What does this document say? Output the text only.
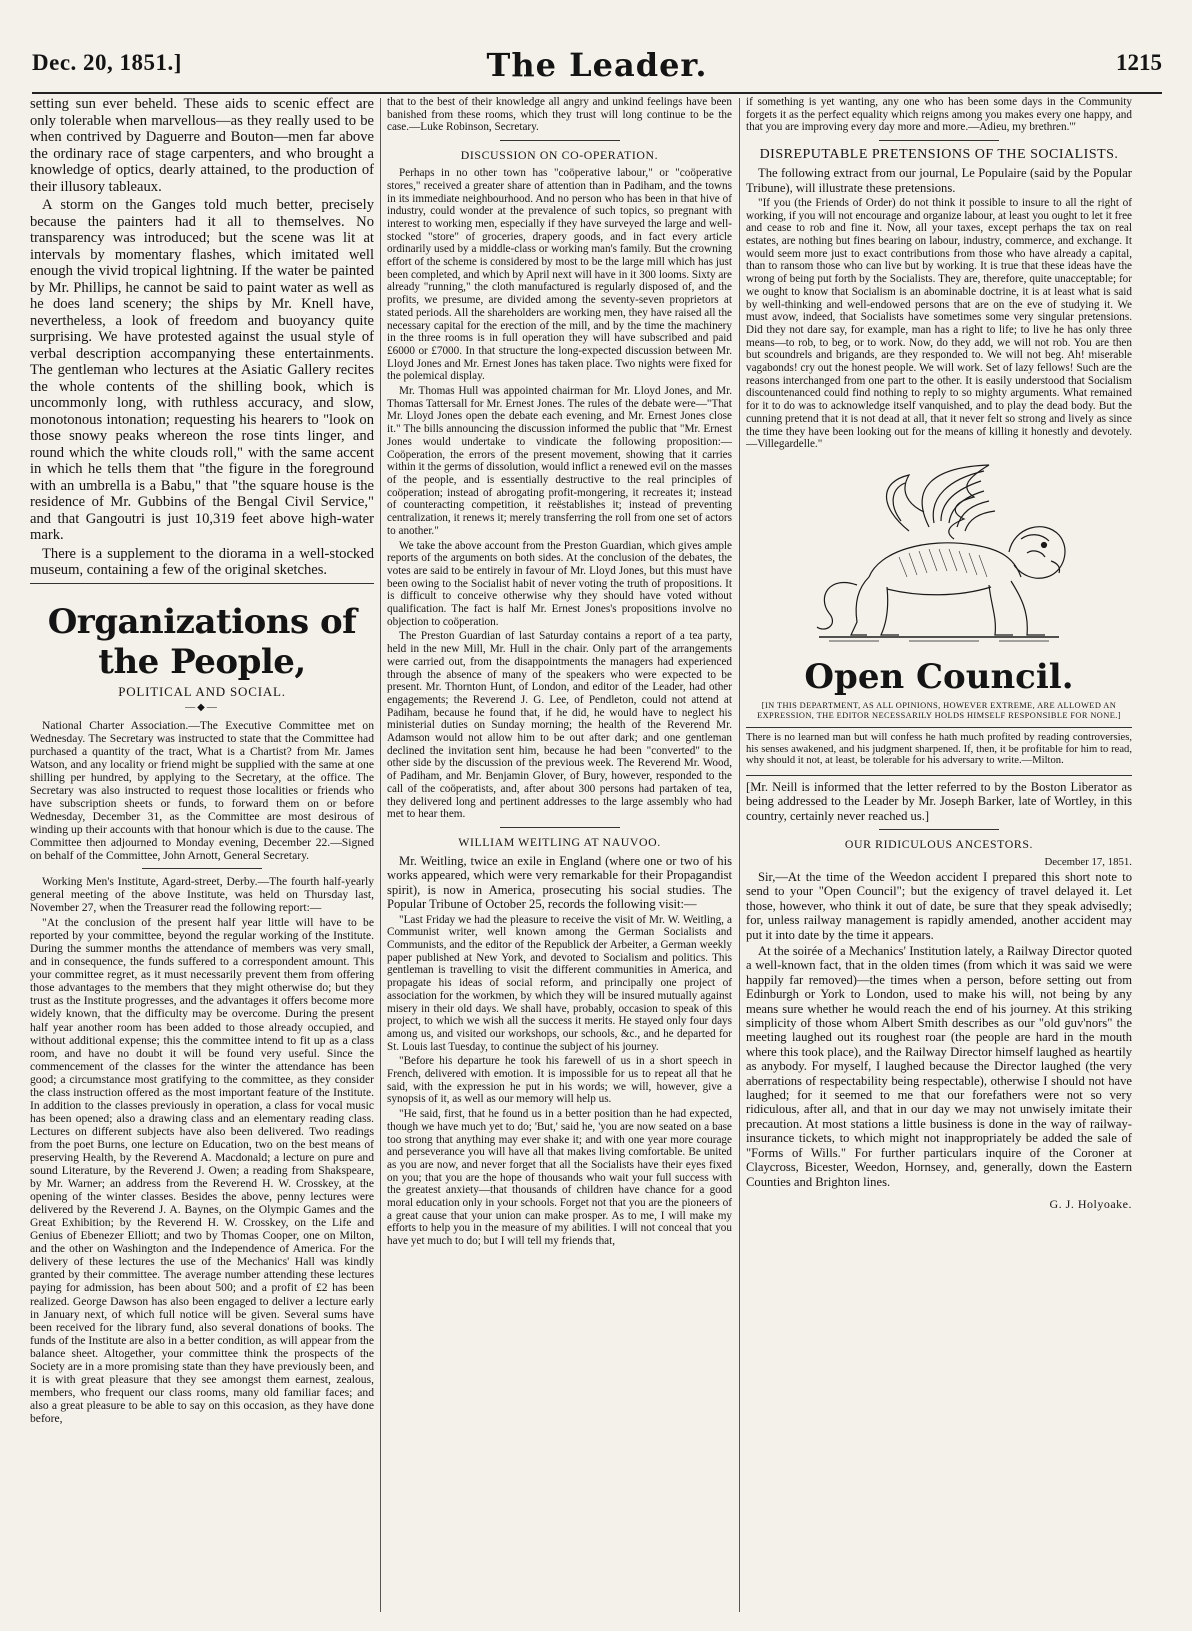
Dec. 20, 1851.]	The Leader.	1215

setting sun ever beheld. These aids to scenic effect are only tolerable when marvellous—as they really used to be when contrived by Daguerre and Bouton—men far above the ordinary race of stage carpenters, and who brought a knowledge of optics, dearly attained, to the production of their illusory tableaux.

A storm on the Ganges told much better, precisely because the painters had it all to themselves. No transparency was introduced; but the scene was lit at intervals by momentary flashes, which imitated well enough the vivid tropical lightning. If the water be painted by Mr. Phillips, he cannot be said to paint water as well as he does land scenery; the ships by Mr. Knell have, nevertheless, a look of freedom and buoyancy quite surprising. We have protested against the usual style of verbal description accompanying these entertainments. The gentleman who lectures at the Asiatic Gallery recites the whole contents of the shilling book, which is uncommonly long, with ruthless accuracy, and slow, monotonous intonation; requesting his hearers to "look on those snowy peaks whereon the rose tints linger, and round which the white clouds roll," with the same accent in which he tells them that "the figure in the foreground with an umbrella is a Babu," that "the square house is the residence of Mr. Gubbins of the Bengal Civil Service," and that Gangoutri is just 10,319 feet above high-water mark.

There is a supplement to the diorama in a well-stocked museum, containing a few of the original sketches.

Organizations of the People,
POLITICAL AND SOCIAL.
—◆—

National Charter Association.—The Executive Committee met on Wednesday. The Secretary was instructed to state that the Committee had purchased a quantity of the tract, What is a Chartist? from Mr. James Watson, and any locality or friend might be supplied with the same at one shilling per hundred, by applying to the Secretary, at the office. The Secretary was also instructed to request those localities or friends who have subscription sheets or funds, to forward them on or before Wednesday, December 31, as the Committee are most desirous of winding up their accounts with that honour which is due to the cause. The Committee then adjourned to Monday evening, December 22.—Signed on behalf of the Committee, John Arnott, General Secretary.

Working Men's Institute, Agard-street, Derby.—The fourth half-yearly general meeting of the above Institute, was held on Thursday last, November 27, when the Treasurer read the following report:—

"At the conclusion of the present half year little will have to be reported by your committee, beyond the regular working of the Institute. During the summer months the attendance of members was very small, and in consequence, the funds suffered to a correspondent amount. This your committee regret, as it must necessarily prevent them from offering those advantages to the members that they might otherwise do; but they trust as the Institute progresses, and the advantages it offers become more widely known, that the difficulty may be overcome. During the present half year another room has been added to those already occupied, and without additional expense; this the committee intend to fit up as a class room, and have no doubt it will be found very useful. Since the commencement of the classes for the winter the attendance has been good; a circumstance most gratifying to the committee, as they consider the class instruction offered as the most important feature of the Institute. In addition to the classes previously in operation, a class for vocal music has been opened; also a drawing class and an elementary reading class. Lectures on different subjects have also been delivered. Two readings from the poet Burns, one lecture on Education, two on the best means of preserving Health, by the Reverend A. Macdonald; a lecture on pure and sound Literature, by the Reverend J. Owen; a reading from Shakspeare, by Mr. Warner; an address from the Reverend H. W. Crosskey, at the opening of the winter classes. Besides the above, penny lectures were delivered by the Reverend J. A. Baynes, on the Olympic Games and the Great Exhibition; by the Reverend H. W. Crosskey, on the Life and Genius of Ebenezer Elliott; and two by Thomas Cooper, one on Milton, and the other on Washington and the Independence of America. For the delivery of these lectures the use of the Mechanics' Hall was kindly granted by their committee. The average number attending these lectures paying for admission, has been about 500; and a profit of £2 has been realized. George Dawson has also been engaged to deliver a lecture early in January next, of which full notice will be given. Several sums have been received for the library fund, also several donations of books. The funds of the Institute are also in a better condition, as will appear from the balance sheet. Altogether, your committee think the prospects of the Society are in a more promising state than they have previously been, and it is with great pleasure that they see amongst them earnest, zealous, members, who frequent our class rooms, many old familiar faces; and also a great pleasure to be able to say on this occasion, as they have done before,

that to the best of their knowledge all angry and unkind feelings have been banished from these rooms, which they trust will long continue to be the case.—Luke Robinson, Secretary.

DISCUSSION ON CO-OPERATION.

Perhaps in no other town has "coöperative labour," or "coöperative stores," received a greater share of attention than in Padiham, and the towns in its immediate neighbourhood. And no person who has been in that hive of industry, could wonder at the prevalence of such topics, so pregnant with interest to working men, especially if they have surveyed the large and well-stocked "store" of groceries, drapery goods, and in fact every article ordinarily used by a middle-class or working man's family. But the crowning effort of the scheme is considered by most to be the large mill which has just been completed, and which by April next will have in it 300 looms. Sixty are already "running," the cloth manufactured is regularly disposed of, and the profits, we presume, are divided among the seventy-seven proprietors at stated periods. All the shareholders are working men, they have raised all the necessary capital for the erection of the mill, and by the time the machinery in the three rooms is in full operation they will have subscribed and paid £6000 or £7000. In that structure the long-expected discussion between Mr. Lloyd Jones and Mr. Ernest Jones has taken place. Two nights were fixed for the polemical display.

Mr. Thomas Hull was appointed chairman for Mr. Lloyd Jones, and Mr. Thomas Tattersall for Mr. Ernest Jones. The rules of the debate were—"That Mr. Lloyd Jones open the debate each evening, and Mr. Ernest Jones close it." The bills announcing the discussion informed the public that "Mr. Ernest Jones would undertake to vindicate the following proposition:—Coöperation, the errors of the present movement, showing that it carries within it the germs of dissolution, would inflict a renewed evil on the masses of the people, and is essentially destructive to the real principles of coöperation; instead of abrogating profit-mongering, it recreates it; instead of counteracting competition, it reëstablishes it; instead of preventing centralization, it renews it; merely transferring the roll from one set of actors to another."

We take the above account from the Preston Guardian, which gives ample reports of the arguments on both sides. At the conclusion of the debates, the votes are said to be entirely in favour of Mr. Lloyd Jones, but this must have been owing to the Socialist habit of never voting the truth of propositions. It is difficult to conceive otherwise why they should have voted without qualification. The fact is half Mr. Ernest Jones's propositions involve no objection to coöperation.

The Preston Guardian of last Saturday contains a report of a tea party, held in the new Mill, Mr. Hull in the chair. Only part of the arrangements were carried out, from the disappointments the managers had experienced through the absence of many of the speakers who were expected to be present. Mr. Thornton Hunt, of London, and editor of the Leader, had other engagements; the Reverend J. G. Lee, of Pendleton, could not attend at Padiham, because he found that, if he did, he would have to neglect his ministerial duties on Sunday morning; the health of the Reverend Mr. Adamson would not allow him to be out after dark; and one gentleman declined the invitation sent him, because he had been "converted" to the other side by the discussion of the previous week. The Reverend Mr. Wood, of Padiham, and Mr. Benjamin Glover, of Bury, however, responded to the call of the coöperatists, and, after about 300 persons had partaken of tea, they delivered long and pertinent addresses to the large assembly who had met to hear them.

WILLIAM WEITLING AT NAUVOO.

Mr. Weitling, twice an exile in England (where one or two of his works appeared, which were very remarkable for their Propagandist spirit), is now in America, prosecuting his social studies. The Popular Tribune of October 25, records the following visit:—

"Last Friday we had the pleasure to receive the visit of Mr. W. Weitling, a Communist writer, well known among the German Socialists and Communists, and the editor of the Republick der Arbeiter, a German weekly paper published at New York, and devoted to Socialism and politics. This gentleman is travelling to visit the different communities in America, and propagate his ideas of social reform, and principally one project of association for the workmen, by which they will be insured mutually against misery in their old days. We shall have, probably, occasion to speak of this project, to which we wish all the success it merits. He stayed only four days among us, and visited our workshops, our schools, &c., and he departed for St. Louis last Tuesday, to continue the subject of his journey.

"Before his departure he took his farewell of us in a short speech in French, delivered with emotion. It is impossible for us to repeat all that he said, with the expression he put in his words; we will, however, give a synopsis of it, as well as our memory will help us.

"He said, first, that he found us in a better position than he had expected, though we have much yet to do; 'But,' said he, 'you are now seated on a base too strong that anything may ever shake it; and with one year more courage and perseverance you will have all that makes living comfortable. Be united as you are now, and never forget that all the Socialists have their eyes fixed on you; that you are the hope of thousands who wait your full success with the greatest anxiety—that thousands of children have chance for a good moral education only in your schools. Forget not that you are the pioneers of a great cause that your union can make prosper. As to me, I will make my efforts to help you in the measure of my abilities. I will not conceal that you have yet much to do; but I will tell my friends that,

if something is yet wanting, any one who has been some days in the Community forgets it as the perfect equality which reigns among you makes every one happy, and that you are improving every day more and more.—Adieu, my brethren.'"

DISREPUTABLE PRETENSIONS OF THE SOCIALISTS.

The following extract from our journal, Le Populaire (said by the Popular Tribune), will illustrate these pretensions.

"If you (the Friends of Order) do not think it possible to insure to all the right of working, if you will not encourage and organize labour, at least you ought to let it free and cease to rob and fine it. Now, all your taxes, except perhaps the tax on real estates, are nothing but fines bearing on labour, industry, commerce, and exchange. It would seem more just to exact contributions from those who have already a capital, than to ransom those who can live but by working. It is true that these ideas have the wrong of being put forth by the Socialists. They are, therefore, quite unacceptable; for we ought to know that Socialism is an abominable doctrine, it is at least what is said by well-thinking and well-endowed persons that are on the eve of studying it. We must avow, indeed, that Socialists have sometimes some very singular pretensions. Did they not dare say, for example, man has a right to life; to live he has only three means—to rob, to beg, or to work. Now, do they add, we will not rob. You are then but scoundrels and brigands, are they responded to. We will not beg. Ah! miserable vagabonds! cry out the honest people. We will work. Set of lazy fellows! Such are the reasons interchanged from one part to the other. It is easily understood that Socialism discountenanced could find nothing to reply to so mighty arguments. What remained for it to do was to acknowledge itself vanquished, and to play the dead body. But the cunning pretend that it is not dead at all, that it never felt so strong and lively as since the time they have been looking out for the means of killing it honestly and devotely.—Villegardelle."

Open Council.
[IN THIS DEPARTMENT, AS ALL OPINIONS, HOWEVER EXTREME, ARE ALLOWED AN EXPRESSION, THE EDITOR NECESSARILY HOLDS HIMSELF RESPONSIBLE FOR NONE.]

There is no learned man but will confess he hath much profited by reading controversies, his senses awakened, and his judgment sharpened. If, then, it be profitable for him to read, why should it not, at least, be tolerable for his adversary to write.—Milton.

[Mr. Neill is informed that the letter referred to by the Boston Liberator as being addressed to the Leader by Mr. Joseph Barker, late of Wortley, in this country, certainly never reached us.]

OUR RIDICULOUS ANCESTORS.
December 17, 1851.

Sir,—At the time of the Weedon accident I prepared this short note to send to your "Open Council"; but the exigency of travel delayed it. Let those, however, who think it out of date, be sure that they speak advisedly; for, unless railway management is rapidly amended, another accident may put it into date by the time it appears.

At the soirée of a Mechanics' Institution lately, a Railway Director quoted a well-known fact, that in the olden times (from which it was said we were happily far removed)—the times when a person, before setting out from Edinburgh or York to London, used to make his will, not being by any means sure whether he would reach the end of his journey. At this striking simplicity of those whom Albert Smith describes as our "old guv'nors" the meeting laughed out its roughest roar (the people are hard in the mouth where this took place), and the Railway Director himself laughed as heartily as anybody. For myself, I laughed because the Director laughed (the very aberrations of respectability being respectable), otherwise I should not have laughed; for it seemed to me that our forefathers were not so very ridiculous, after all, and that in our day we may not unwisely imitate their precaution. At most stations a little business is done in the way of railway-insurance tickets, to which might not inappropriately be added the sale of "Forms of Wills." For further particulars inquire of the Coroner at Claycross, Bicester, Weedon, Hornsey, and, generally, down the Eastern Counties and Brighton lines.

G. J. Holyoake.
